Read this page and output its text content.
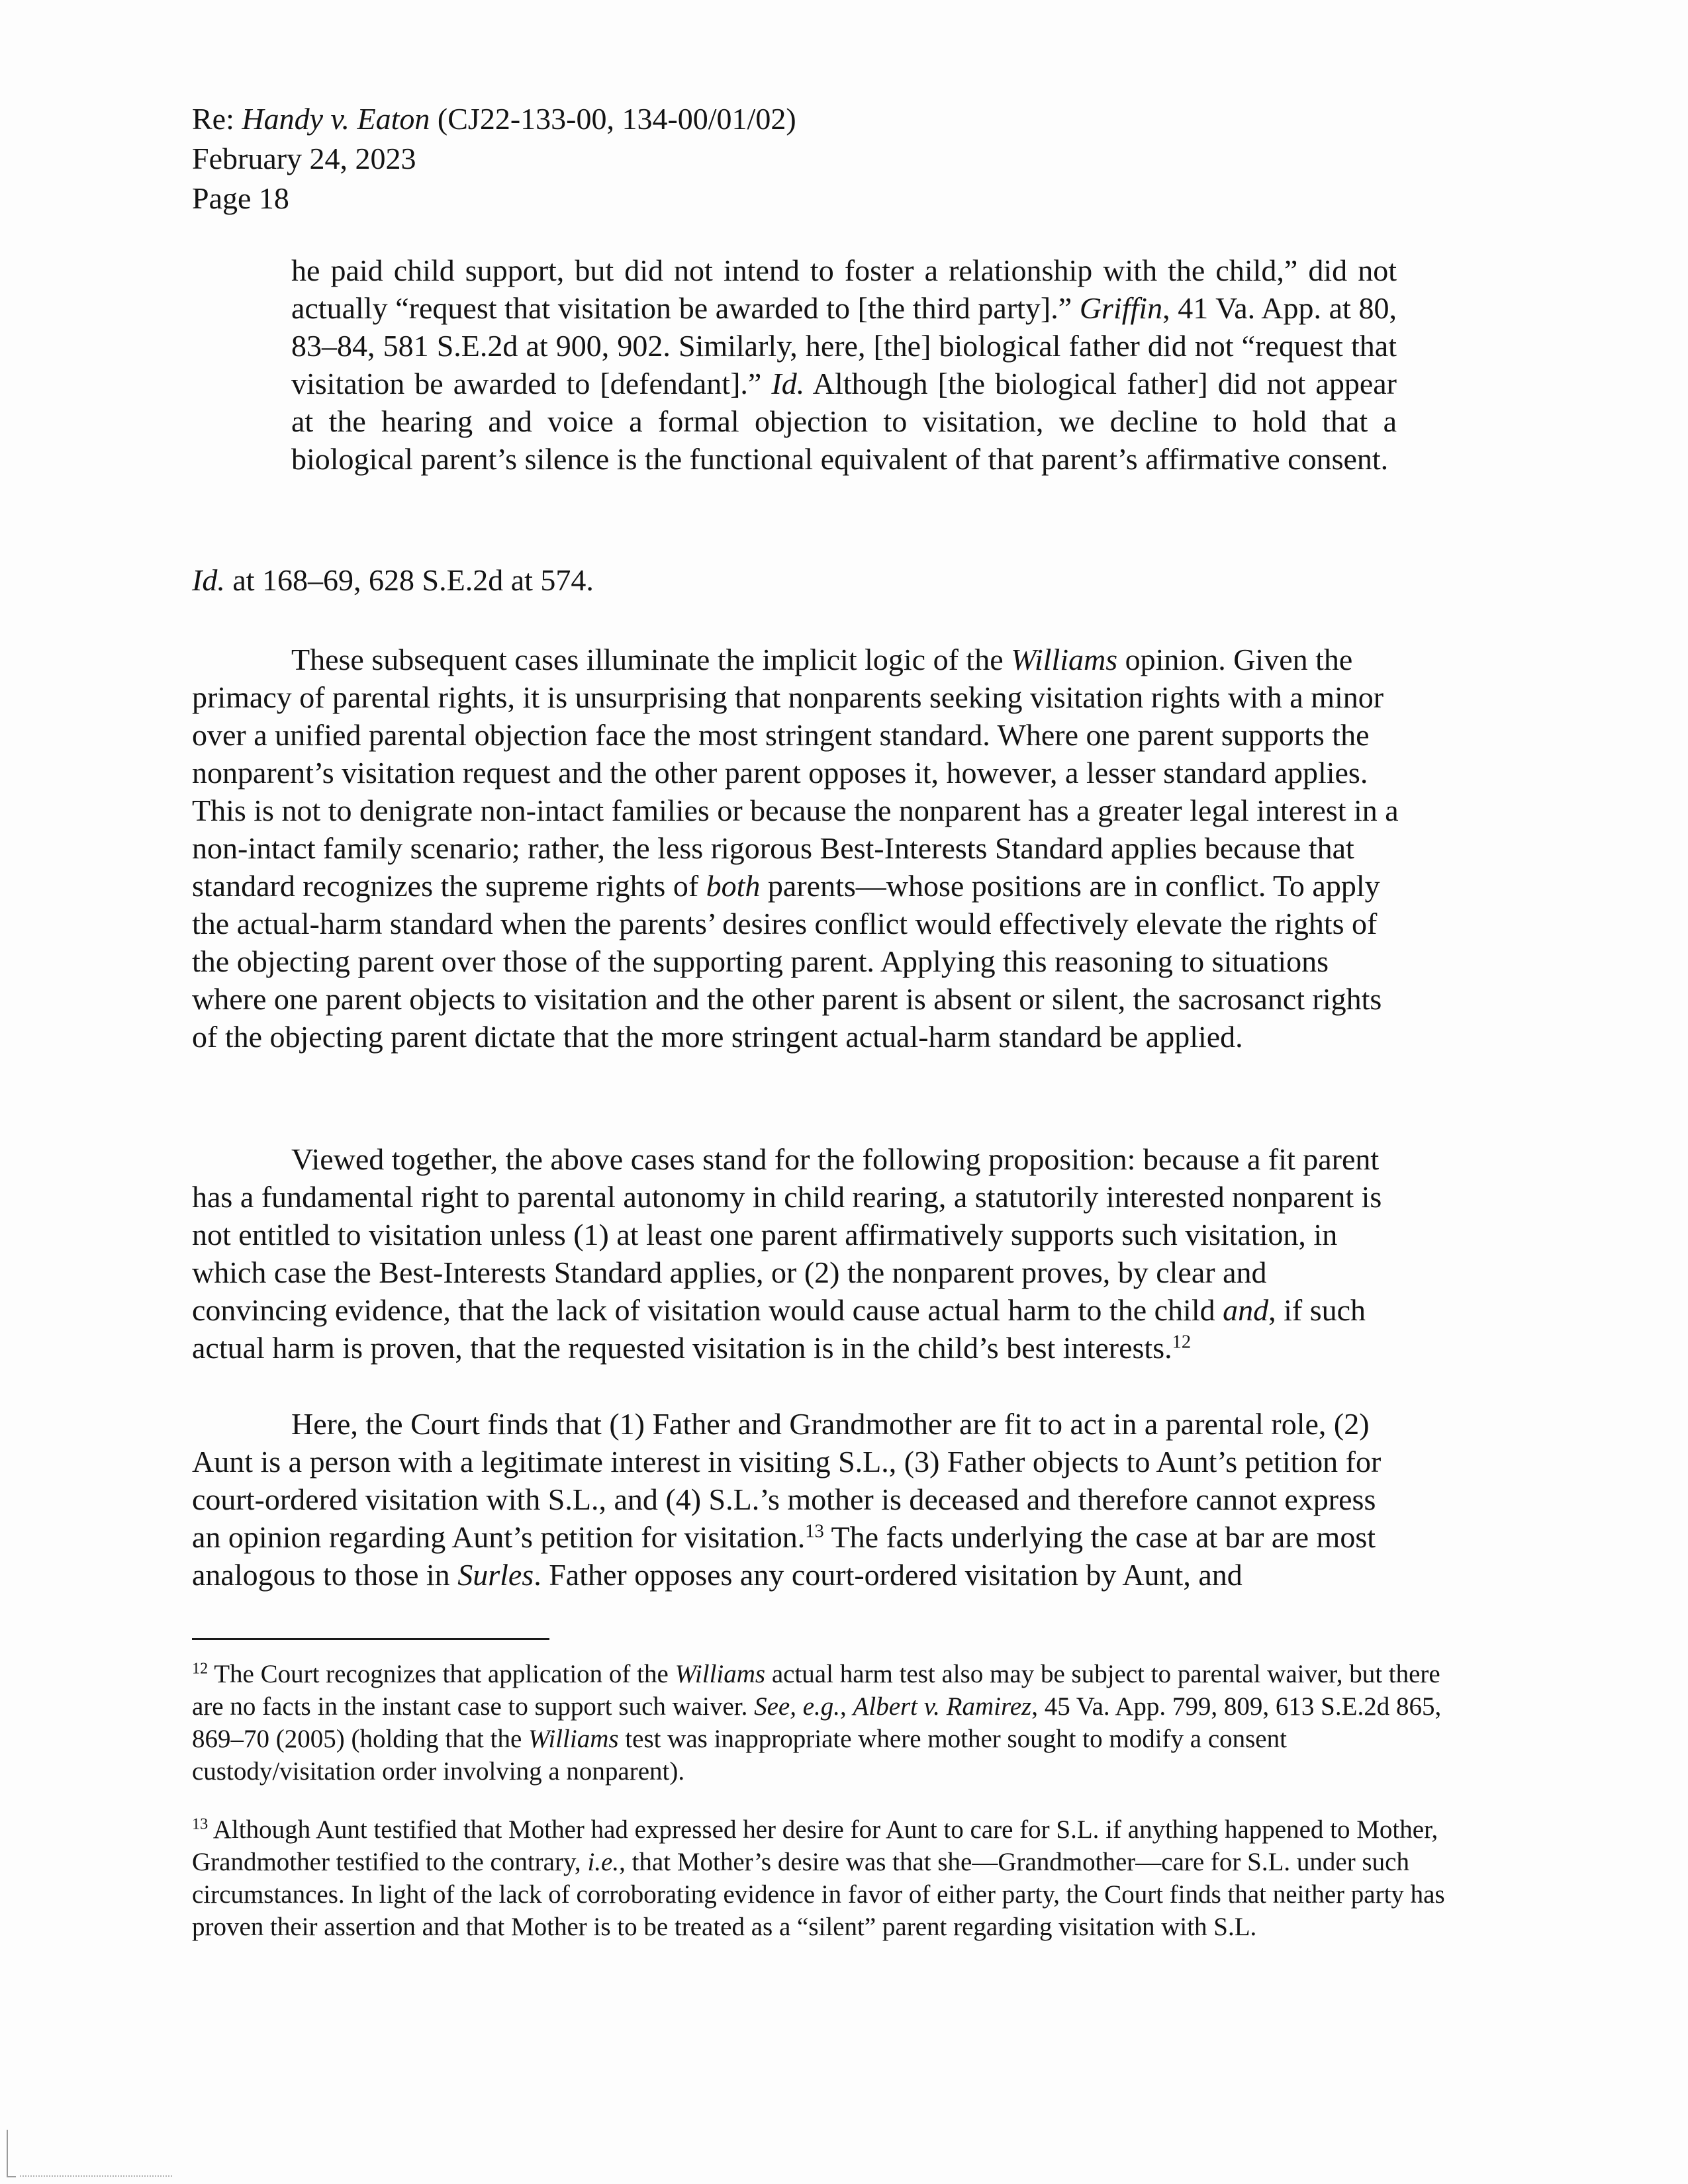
Re: Handy v. Eaton (CJ22-133-00, 134-00/01/02)
February 24, 2023
Page 18
he paid child support, but did not intend to foster a relationship with the child,” did not actually “request that visitation be awarded to [the third party].” Griffin, 41 Va. App. at 80, 83–84, 581 S.E.2d at 900, 902. Similarly, here, [the] biological father did not “request that visitation be awarded to [defendant].” Id. Although [the biological father] did not appear at the hearing and voice a formal objection to visitation, we decline to hold that a biological parent’s silence is the functional equivalent of that parent’s affirmative consent.
Id. at 168–69, 628 S.E.2d at 574.
These subsequent cases illuminate the implicit logic of the Williams opinion. Given the primacy of parental rights, it is unsurprising that nonparents seeking visitation rights with a minor over a unified parental objection face the most stringent standard. Where one parent supports the nonparent’s visitation request and the other parent opposes it, however, a lesser standard applies. This is not to denigrate non-intact families or because the nonparent has a greater legal interest in a non-intact family scenario; rather, the less rigorous Best-Interests Standard applies because that standard recognizes the supreme rights of both parents—whose positions are in conflict. To apply the actual-harm standard when the parents’ desires conflict would effectively elevate the rights of the objecting parent over those of the supporting parent. Applying this reasoning to situations where one parent objects to visitation and the other parent is absent or silent, the sacrosanct rights of the objecting parent dictate that the more stringent actual-harm standard be applied.
Viewed together, the above cases stand for the following proposition: because a fit parent has a fundamental right to parental autonomy in child rearing, a statutorily interested nonparent is not entitled to visitation unless (1) at least one parent affirmatively supports such visitation, in which case the Best-Interests Standard applies, or (2) the nonparent proves, by clear and convincing evidence, that the lack of visitation would cause actual harm to the child and, if such actual harm is proven, that the requested visitation is in the child’s best interests.$^{12}$
Here, the Court finds that (1) Father and Grandmother are fit to act in a parental role, (2) Aunt is a person with a legitimate interest in visiting S.L., (3) Father objects to Aunt’s petition for court-ordered visitation with S.L., and (4) S.L.’s mother is deceased and therefore cannot express an opinion regarding Aunt’s petition for visitation.$^{13}$ The facts underlying the case at bar are most analogous to those in Surles. Father opposes any court-ordered visitation by Aunt, and
$^{12}$ The Court recognizes that application of the Williams actual harm test also may be subject to parental waiver, but there are no facts in the instant case to support such waiver. See, e.g., Albert v. Ramirez, 45 Va. App. 799, 809, 613 S.E.2d 865, 869–70 (2005) (holding that the Williams test was inappropriate where mother sought to modify a consent custody/visitation order involving a nonparent).
$^{13}$ Although Aunt testified that Mother had expressed her desire for Aunt to care for S.L. if anything happened to Mother, Grandmother testified to the contrary, i.e., that Mother’s desire was that she—Grandmother—care for S.L. under such circumstances. In light of the lack of corroborating evidence in favor of either party, the Court finds that neither party has proven their assertion and that Mother is to be treated as a “silent” parent regarding visitation with S.L.
